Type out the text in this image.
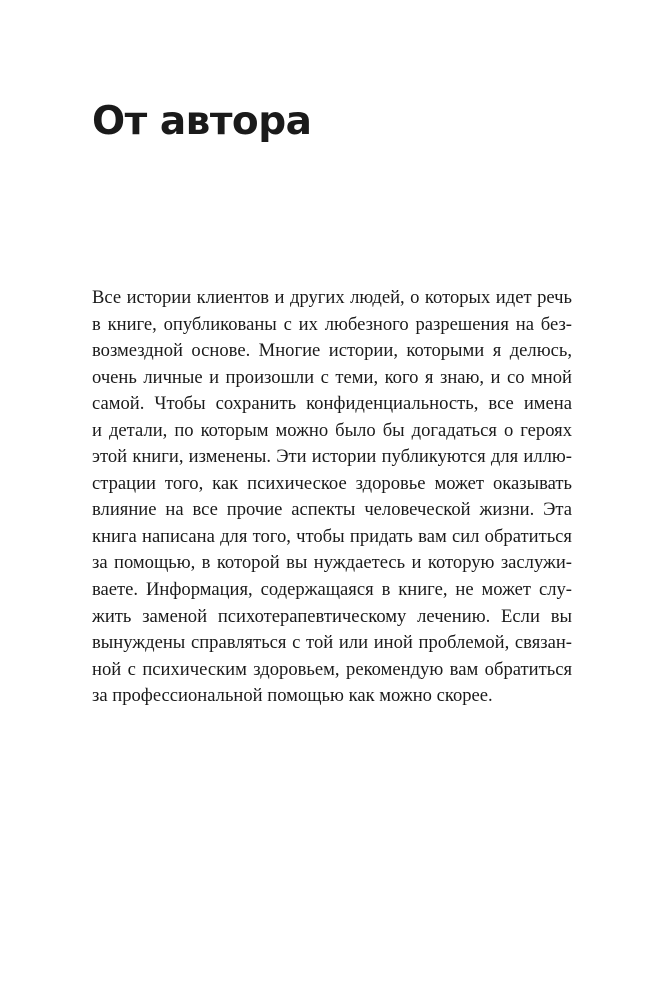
От автора
Все истории клиентов и других людей, о которых идет речь
в книге, опубликованы с их любезного разрешения на без-
возмездной основе. Многие истории, которыми я делюсь,
очень личные и произошли с теми, кого я знаю, и со мной
самой. Чтобы сохранить конфиденциальность, все имена
и детали, по которым можно было бы догадаться о героях
этой книги, изменены. Эти истории публикуются для иллю-
страции того, как психическое здоровье может оказывать
влияние на все прочие аспекты человеческой жизни. Эта
книга написана для того, чтобы придать вам сил обратиться
за помощью, в которой вы нуждаетесь и которую заслужи-
ваете. Информация, содержащаяся в книге, не может слу-
жить заменой психотерапевтическому лечению. Если вы
вынуждены справляться с той или иной проблемой, связан-
ной с психическим здоровьем, рекомендую вам обратиться
за профессиональной помощью как можно скорее.
